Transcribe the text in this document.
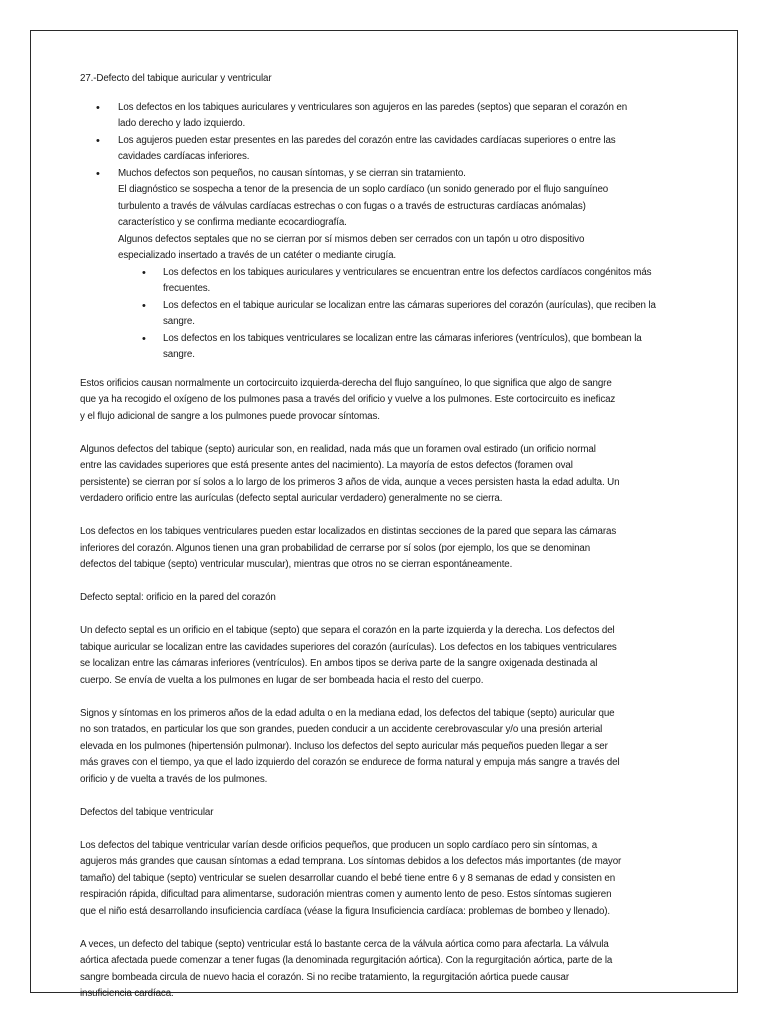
27.-Defecto del tabique auricular y ventricular
• Los defectos en los tabiques auriculares y ventriculares son agujeros en las paredes (septos) que separan el corazón en
lado derecho y lado izquierdo.
• Los agujeros pueden estar presentes en las paredes del corazón entre las cavidades cardíacas superiores o entre las
cavidades cardíacas inferiores.
• Muchos defectos son pequeños, no causan síntomas, y se cierran sin tratamiento.
El diagnóstico se sospecha a tenor de la presencia de un soplo cardíaco (un sonido generado por el flujo sanguíneo
turbulento a través de válvulas cardíacas estrechas o con fugas o a través de estructuras cardíacas anómalas)
característico y se confirma mediante ecocardiografía.
Algunos defectos septales que no se cierran por sí mismos deben ser cerrados con un tapón u otro dispositivo
especializado insertado a través de un catéter o mediante cirugía.
• Los defectos en los tabiques auriculares y ventriculares se encuentran entre los defectos cardíacos congénitos más
frecuentes.
• Los defectos en el tabique auricular se localizan entre las cámaras superiores del corazón (aurículas), que reciben la
sangre.
• Los defectos en los tabiques ventriculares se localizan entre las cámaras inferiores (ventrículos), que bombean la
sangre.
Estos orificios causan normalmente un cortocircuito izquierda-derecha del flujo sanguíneo, lo que significa que algo de sangre
que ya ha recogido el oxígeno de los pulmones pasa a través del orificio y vuelve a los pulmones. Este cortocircuito es ineficaz
y el flujo adicional de sangre a los pulmones puede provocar síntomas.
Algunos defectos del tabique (septo) auricular son, en realidad, nada más que un foramen oval estirado (un orificio normal
entre las cavidades superiores que está presente antes del nacimiento). La mayoría de estos defectos (foramen oval
persistente) se cierran por sí solos a lo largo de los primeros 3 años de vida, aunque a veces persisten hasta la edad adulta. Un
verdadero orificio entre las aurículas (defecto septal auricular verdadero) generalmente no se cierra.
Los defectos en los tabiques ventriculares pueden estar localizados en distintas secciones de la pared que separa las cámaras
inferiores del corazón. Algunos tienen una gran probabilidad de cerrarse por sí solos (por ejemplo, los que se denominan
defectos del tabique (septo) ventricular muscular), mientras que otros no se cierran espontáneamente.
Defecto septal: orificio en la pared del corazón
Un defecto septal es un orificio en el tabique (septo) que separa el corazón en la parte izquierda y la derecha. Los defectos del
tabique auricular se localizan entre las cavidades superiores del corazón (aurículas). Los defectos en los tabiques ventriculares
se localizan entre las cámaras inferiores (ventrículos). En ambos tipos se deriva parte de la sangre oxigenada destinada al
cuerpo. Se envía de vuelta a los pulmones en lugar de ser bombeada hacia el resto del cuerpo.
Signos y síntomas en los primeros años de la edad adulta o en la mediana edad, los defectos del tabique (septo) auricular que
no son tratados, en particular los que son grandes, pueden conducir a un accidente cerebrovascular y/o una presión arterial
elevada en los pulmones (hipertensión pulmonar). Incluso los defectos del septo auricular más pequeños pueden llegar a ser
más graves con el tiempo, ya que el lado izquierdo del corazón se endurece de forma natural y empuja más sangre a través del
orificio y de vuelta a través de los pulmones.
Defectos del tabique ventricular
Los defectos del tabique ventricular varían desde orificios pequeños, que producen un soplo cardíaco pero sin síntomas, a
agujeros más grandes que causan síntomas a edad temprana. Los síntomas debidos a los defectos más importantes (de mayor
tamaño) del tabique (septo) ventricular se suelen desarrollar cuando el bebé tiene entre 6 y 8 semanas de edad y consisten en
respiración rápida, dificultad para alimentarse, sudoración mientras comen y aumento lento de peso. Estos síntomas sugieren
que el niño está desarrollando insuficiencia cardíaca (véase la figura Insuficiencia cardíaca: problemas de bombeo y llenado).
A veces, un defecto del tabique (septo) ventricular está lo bastante cerca de la válvula aórtica como para afectarla. La válvula
aórtica afectada puede comenzar a tener fugas (la denominada regurgitación aórtica). Con la regurgitación aórtica, parte de la
sangre bombeada circula de nuevo hacia el corazón. Si no recibe tratamiento, la regurgitación aórtica puede causar
insuficiencia cardíaca.
